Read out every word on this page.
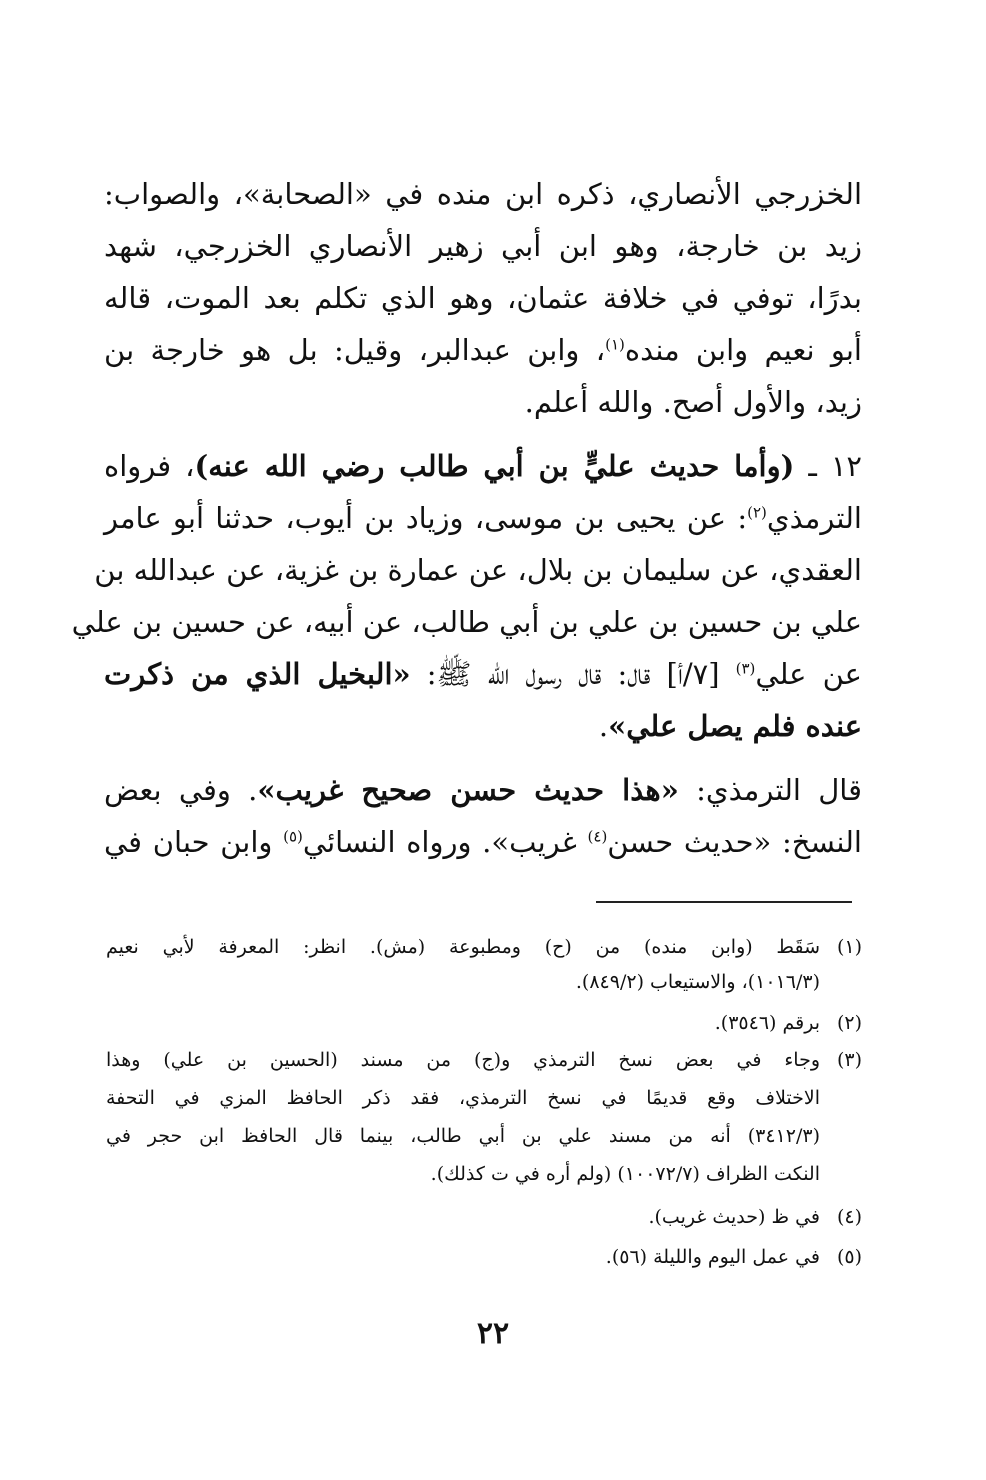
الخزرجي الأنصاري، ذكره ابن منده في «الصحابة»، والصواب:

زيد بن خارجة، وهو ابن أبي زهير الأنصاري الخزرجي، شهد

بدرًا، توفي في خلافة عثمان، وهو الذي تكلم بعد الموت، قاله

أبو نعيم وابن منده$^{(١)}$، وابن عبدالبر، وقيل: بل هو خارجة بن

زيد، والأول أصح. والله أعلم.

١٢ ـ (وأما حديث عليٍّ بن أبي طالب رضي الله عنه)، فرواه

الترمذي$^{(٢)}$: عن يحيى بن موسى، وزياد بن أيوب، حدثنا أبو عامر

العقدي، عن سليمان بن بلال، عن عمارة بن غزية، عن عبدالله بن

علي بن حسين بن علي بن أبي طالب، عن أبيه، عن حسين بن علي

عن علي$^{(٣)}$ [٧/أ] قال: قال رسول الله ﷺ: «البخيل الذي من ذكرت

عنده فلم يصل علي».

قال الترمذي: «هذا حديث حسن صحيح غريب». وفي بعض

النسخ: «حديث حسن$^{(٤)}$ غريب». ورواه النسائي$^{(٥)}$ وابن حبان في

(١)
سَقَط (وابن منده) من (ح) ومطبوعة (مش). انظر: المعرفة لأبي نعيم
(١٠١٦/٣)، والاستيعاب (٨٤٩/٢).
(٢)
برقم (٣٥٤٦).
(٣)
وجاء في بعض نسخ الترمذي و(ج) من مسند (الحسين بن علي) وهذا
الاختلاف وقع قديمًا في نسخ الترمذي، فقد ذكر الحافظ المزي في التحفة
(٣٤١٢/٣) أنه من مسند علي بن أبي طالب، بينما قال الحافظ ابن حجر في
النكت الظراف (١٠٠٧٢/٧) (ولم أره في ت كذلك).
(٤)
في ظ (حديث غريب).
(٥)
في عمل اليوم والليلة (٥٦).
٢٢
